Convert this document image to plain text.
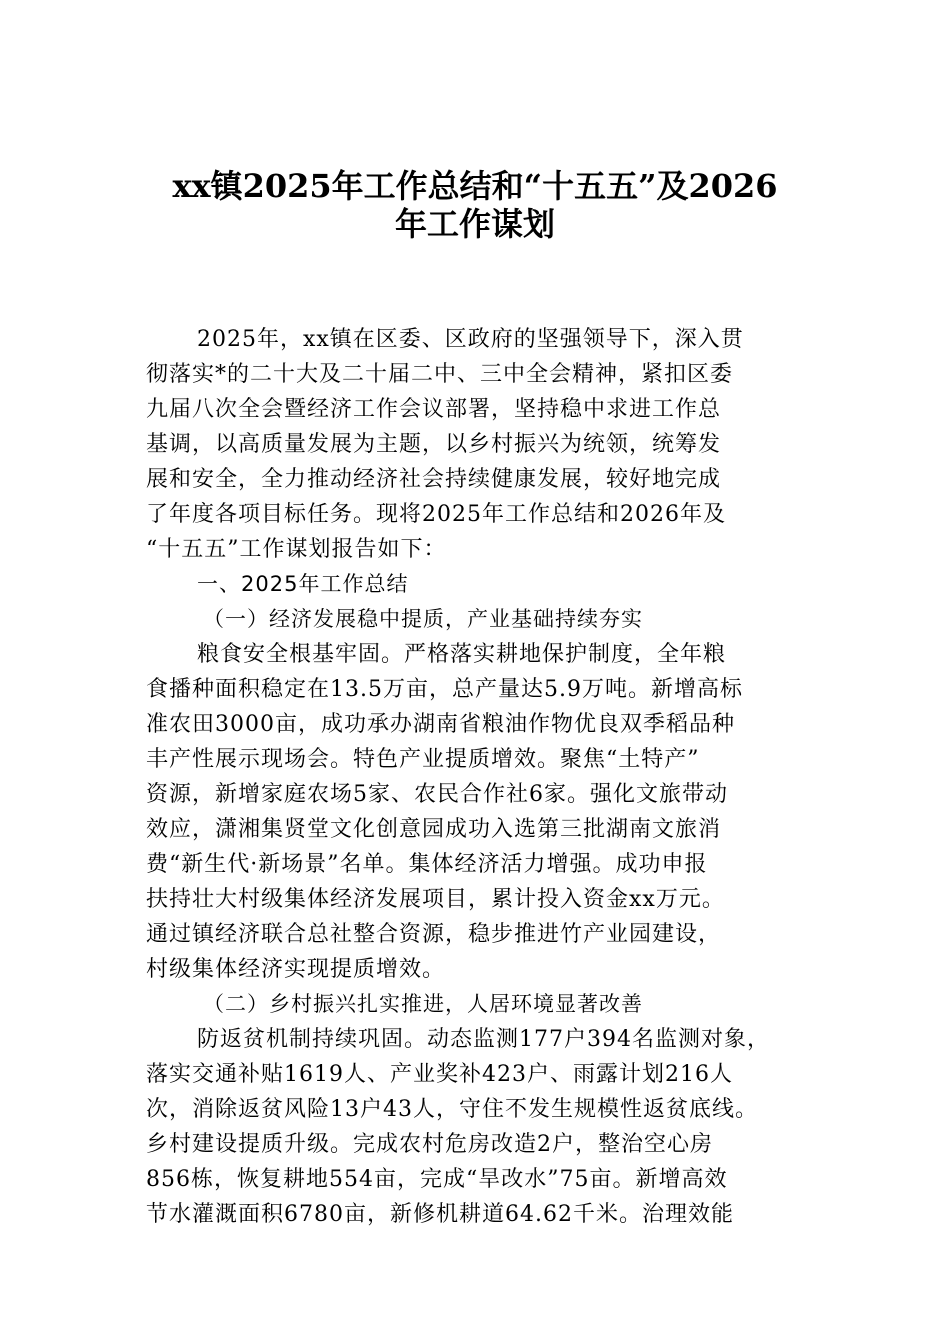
xx镇2025年工作总结和“十五五”及2026
年工作谋划
2025年，xx镇在区委、区政府的坚强领导下，深入贯
彻落实*的二十大及二十届二中、三中全会精神，紧扣区委
九届八次全会暨经济工作会议部署，坚持稳中求进工作总
基调，以高质量发展为主题，以乡村振兴为统领，统筹发
展和安全，全力推动经济社会持续健康发展，较好地完成
了年度各项目标任务。现将2025年工作总结和2026年及
“十五五”工作谋划报告如下：
一、2025年工作总结
（一）经济发展稳中提质，产业基础持续夯实
粮食安全根基牢固。严格落实耕地保护制度，全年粮
食播种面积稳定在13.5万亩，总产量达5.9万吨。新增高标
准农田3000亩，成功承办湖南省粮油作物优良双季稻品种
丰产性展示现场会。特色产业提质增效。聚焦“土特产”
资源，新增家庭农场5家、农民合作社6家。强化文旅带动
效应，潇湘集贤堂文化创意园成功入选第三批湖南文旅消
费“新生代·新场景”名单。集体经济活力增强。成功申报
扶持壮大村级集体经济发展项目，累计投入资金xx万元。
通过镇经济联合总社整合资源，稳步推进竹产业园建设，
村级集体经济实现提质增效。
（二）乡村振兴扎实推进，人居环境显著改善
防返贫机制持续巩固。动态监测177户394名监测对象，
落实交通补贴1619人、产业奖补423户、雨露计划216人
次，消除返贫风险13户43人，守住不发生规模性返贫底线。
乡村建设提质升级。完成农村危房改造2户，整治空心房
856栋，恢复耕地554亩，完成“旱改水”75亩。新增高效
节水灌溉面积6780亩，新修机耕道64.62千米。治理效能
